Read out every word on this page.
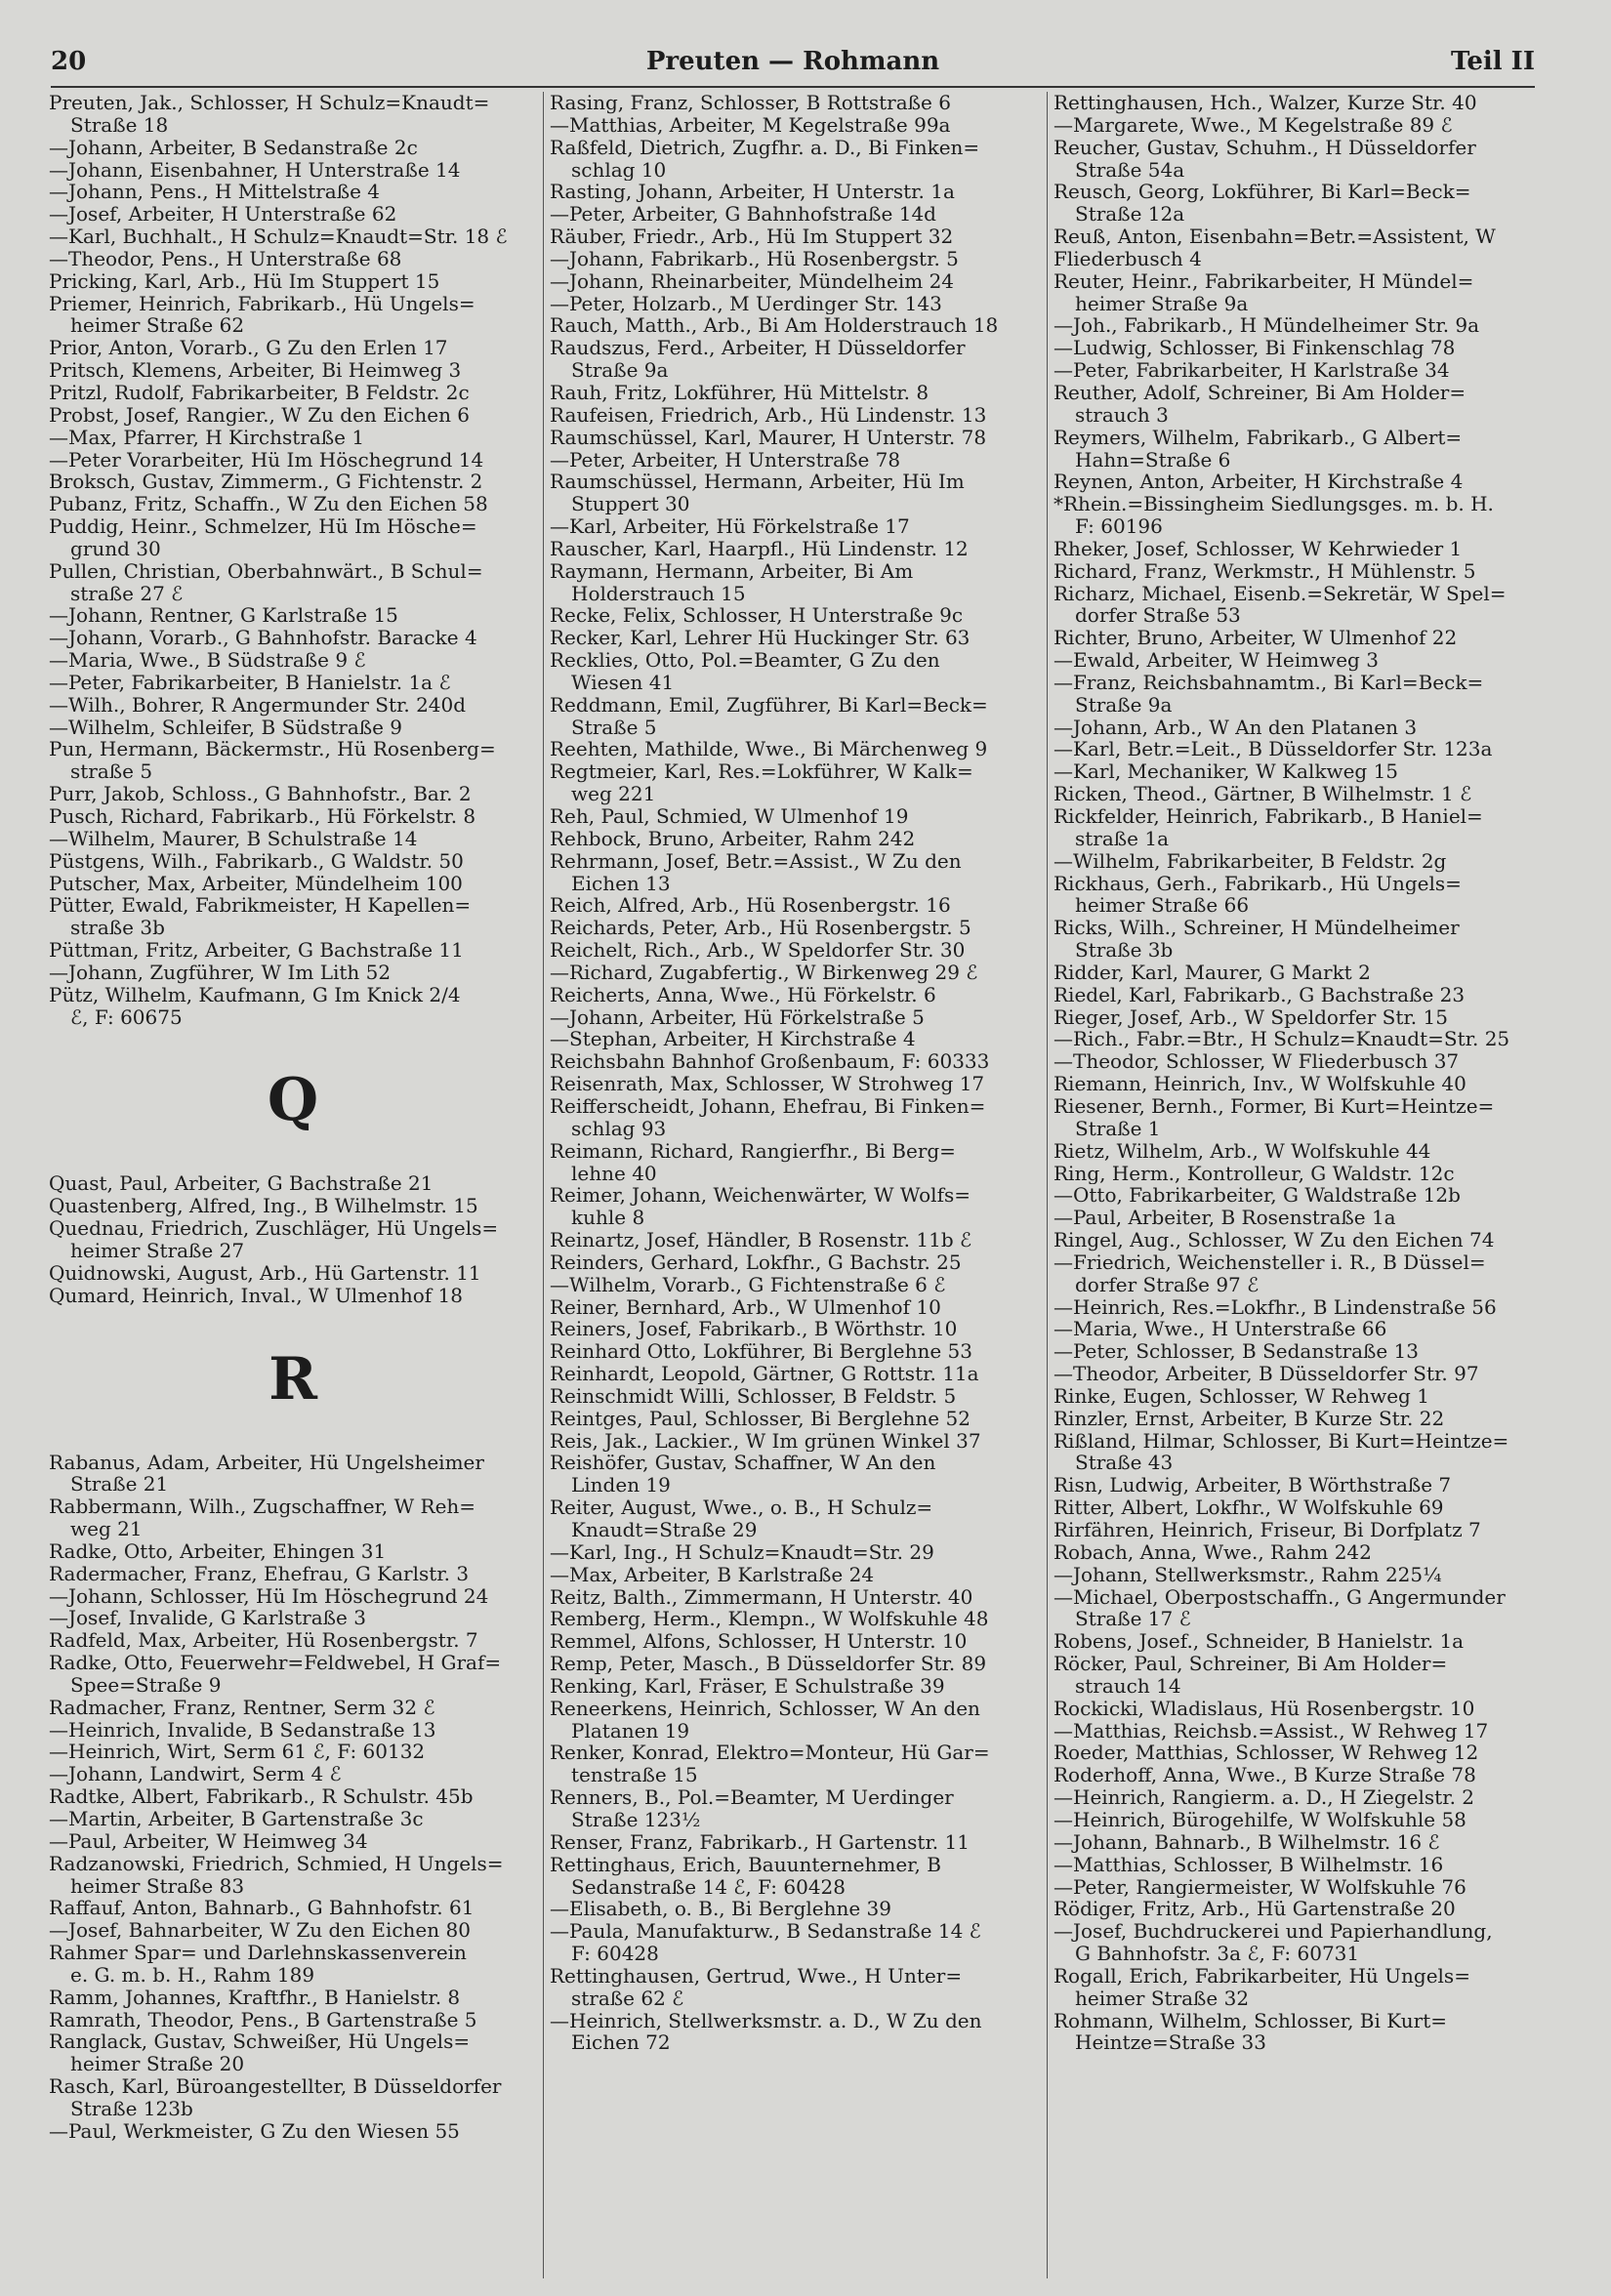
20	Preuten — Rohmann	Teil II

Preuten, Jak., Schlosser, H Schulz=Knaudt=

Straße 18

—Johann, Arbeiter, B Sedanstraße 2c

—Johann, Eisenbahner, H Unterstraße 14

—Johann, Pens., H Mittelstraße 4

—Josef, Arbeiter, H Unterstraße 62

—Karl, Buchhalt., H Schulz=Knaudt=Str. 18 ℰ

—Theodor, Pens., H Unterstraße 68

Pricking, Karl, Arb., Hü Im Stuppert 15

Priemer, Heinrich, Fabrikarb., Hü Ungels=

heimer Straße 62

Prior, Anton, Vorarb., G Zu den Erlen 17

Pritsch, Klemens, Arbeiter, Bi Heimweg 3

Pritzl, Rudolf, Fabrikarbeiter, B Feldstr. 2c

Probst, Josef, Rangier., W Zu den Eichen 6

—Max, Pfarrer, H Kirchstraße 1

—Peter Vorarbeiter, Hü Im Höschegrund 14

Broksch, Gustav, Zimmerm., G Fichtenstr. 2

Pubanz, Fritz, Schaffn., W Zu den Eichen 58

Puddig, Heinr., Schmelzer, Hü Im Hösche=

grund 30

Pullen, Christian, Oberbahnwärt., B Schul=

straße 27 ℰ

—Johann, Rentner, G Karlstraße 15

—Johann, Vorarb., G Bahnhofstr. Baracke 4

—Maria, Wwe., B Südstraße 9 ℰ

—Peter, Fabrikarbeiter, B Hanielstr. 1a ℰ

—Wilh., Bohrer, R Angermunder Str. 240d

—Wilhelm, Schleifer, B Südstraße 9

Pun, Hermann, Bäckermstr., Hü Rosenberg=

straße 5

Purr, Jakob, Schloss., G Bahnhofstr., Bar. 2

Pusch, Richard, Fabrikarb., Hü Förkelstr. 8

—Wilhelm, Maurer, B Schulstraße 14

Püstgens, Wilh., Fabrikarb., G Waldstr. 50

Putscher, Max, Arbeiter, Mündelheim 100

Pütter, Ewald, Fabrikmeister, H Kapellen=

straße 3b

Püttman, Fritz, Arbeiter, G Bachstraße 11

—Johann, Zugführer, W Im Lith 52

Pütz, Wilhelm, Kaufmann, G Im Knick 2/4

ℰ, F: 60675

Q

Quast, Paul, Arbeiter, G Bachstraße 21

Quastenberg, Alfred, Ing., B Wilhelmstr. 15

Quednau, Friedrich, Zuschläger, Hü Ungels=

heimer Straße 27

Quidnowski, August, Arb., Hü Gartenstr. 11

Qumard, Heinrich, Inval., W Ulmenhof 18

R

Rabanus, Adam, Arbeiter, Hü Ungelsheimer

Straße 21

Rabbermann, Wilh., Zugschaffner, W Reh=

weg 21

Radke, Otto, Arbeiter, Ehingen 31

Radermacher, Franz, Ehefrau, G Karlstr. 3

—Johann, Schlosser, Hü Im Höschegrund 24

—Josef, Invalide, G Karlstraße 3

Radfeld, Max, Arbeiter, Hü Rosenbergstr. 7

Radke, Otto, Feuerwehr=Feldwebel, H Graf=

Spee=Straße 9

Radmacher, Franz, Rentner, Serm 32 ℰ

—Heinrich, Invalide, B Sedanstraße 13

—Heinrich, Wirt, Serm 61 ℰ, F: 60132

—Johann, Landwirt, Serm 4 ℰ

Radtke, Albert, Fabrikarb., R Schulstr. 45b

—Martin, Arbeiter, B Gartenstraße 3c

—Paul, Arbeiter, W Heimweg 34

Radzanowski, Friedrich, Schmied, H Ungels=

heimer Straße 83

Raffauf, Anton, Bahnarb., G Bahnhofstr. 61

—Josef, Bahnarbeiter, W Zu den Eichen 80

Rahmer Spar= und Darlehnskassenverein

e. G. m. b. H., Rahm 189

Ramm, Johannes, Kraftfhr., B Hanielstr. 8

Ramrath, Theodor, Pens., B Gartenstraße 5

Ranglack, Gustav, Schweißer, Hü Ungels=

heimer Straße 20

Rasch, Karl, Büroangestellter, B Düsseldorfer

Straße 123b

—Paul, Werkmeister, G Zu den Wiesen 55

Rasing, Franz, Schlosser, B Rottstraße 6

—Matthias, Arbeiter, M Kegelstraße 99a

Raßfeld, Dietrich, Zugfhr. a. D., Bi Finken=

schlag 10

Rasting, Johann, Arbeiter, H Unterstr. 1a

—Peter, Arbeiter, G Bahnhofstraße 14d

Räuber, Friedr., Arb., Hü Im Stuppert 32

—Johann, Fabrikarb., Hü Rosenbergstr. 5

—Johann, Rheinarbeiter, Mündelheim 24

—Peter, Holzarb., M Uerdinger Str. 143

Rauch, Matth., Arb., Bi Am Holderstrauch 18

Raudszus, Ferd., Arbeiter, H Düsseldorfer

Straße 9a

Rauh, Fritz, Lokführer, Hü Mittelstr. 8

Raufeisen, Friedrich, Arb., Hü Lindenstr. 13

Raumschüssel, Karl, Maurer, H Unterstr. 78

—Peter, Arbeiter, H Unterstraße 78

Raumschüssel, Hermann, Arbeiter, Hü Im

Stuppert 30

—Karl, Arbeiter, Hü Förkelstraße 17

Rauscher, Karl, Haarpfl., Hü Lindenstr. 12

Raymann, Hermann, Arbeiter, Bi Am

Holderstrauch 15

Recke, Felix, Schlosser, H Unterstraße 9c

Recker, Karl, Lehrer Hü Huckinger Str. 63

Recklies, Otto, Pol.=Beamter, G Zu den

Wiesen 41

Reddmann, Emil, Zugführer, Bi Karl=Beck=

Straße 5

Reehten, Mathilde, Wwe., Bi Märchenweg 9

Regtmeier, Karl, Res.=Lokführer, W Kalk=

weg 221

Reh, Paul, Schmied, W Ulmenhof 19

Rehbock, Bruno, Arbeiter, Rahm 242

Rehrmann, Josef, Betr.=Assist., W Zu den

Eichen 13

Reich, Alfred, Arb., Hü Rosenbergstr. 16

Reichards, Peter, Arb., Hü Rosenbergstr. 5

Reichelt, Rich., Arb., W Speldorfer Str. 30

—Richard, Zugabfertig., W Birkenweg 29 ℰ

Reicherts, Anna, Wwe., Hü Förkelstr. 6

—Johann, Arbeiter, Hü Förkelstraße 5

—Stephan, Arbeiter, H Kirchstraße 4

Reichsbahn Bahnhof Großenbaum, F: 60333

Reisenrath, Max, Schlosser, W Strohweg 17

Reifferscheidt, Johann, Ehefrau, Bi Finken=

schlag 93

Reimann, Richard, Rangierfhr., Bi Berg=

lehne 40

Reimer, Johann, Weichenwärter, W Wolfs=

kuhle 8

Reinartz, Josef, Händler, B Rosenstr. 11b ℰ

Reinders, Gerhard, Lokfhr., G Bachstr. 25

—Wilhelm, Vorarb., G Fichtenstraße 6 ℰ

Reiner, Bernhard, Arb., W Ulmenhof 10

Reiners, Josef, Fabrikarb., B Wörthstr. 10

Reinhard Otto, Lokführer, Bi Berglehne 53

Reinhardt, Leopold, Gärtner, G Rottstr. 11a

Reinschmidt Willi, Schlosser, B Feldstr. 5

Reintges, Paul, Schlosser, Bi Berglehne 52

Reis, Jak., Lackier., W Im grünen Winkel 37

Reishöfer, Gustav, Schaffner, W An den

Linden 19

Reiter, August, Wwe., o. B., H Schulz=

Knaudt=Straße 29

—Karl, Ing., H Schulz=Knaudt=Str. 29

—Max, Arbeiter, B Karlstraße 24

Reitz, Balth., Zimmermann, H Unterstr. 40

Remberg, Herm., Klempn., W Wolfskuhle 48

Remmel, Alfons, Schlosser, H Unterstr. 10

Remp, Peter, Masch., B Düsseldorfer Str. 89

Renking, Karl, Fräser, E Schulstraße 39

Reneerkens, Heinrich, Schlosser, W An den

Platanen 19

Renker, Konrad, Elektro=Monteur, Hü Gar=

tenstraße 15

Renners, B., Pol.=Beamter, M Uerdinger

Straße 123½

Renser, Franz, Fabrikarb., H Gartenstr. 11

Rettinghaus, Erich, Bauunternehmer, B

Sedanstraße 14 ℰ, F: 60428

—Elisabeth, o. B., Bi Berglehne 39

—Paula, Manufakturw., B Sedanstraße 14 ℰ

F: 60428

Rettinghausen, Gertrud, Wwe., H Unter=

straße 62 ℰ

—Heinrich, Stellwerksmstr. a. D., W Zu den

Eichen 72

Rettinghausen, Hch., Walzer, Kurze Str. 40

—Margarete, Wwe., M Kegelstraße 89 ℰ

Reucher, Gustav, Schuhm., H Düsseldorfer

Straße 54a

Reusch, Georg, Lokführer, Bi Karl=Beck=

Straße 12a

Reuß, Anton, Eisenbahn=Betr.=Assistent, W

Fliederbusch 4

Reuter, Heinr., Fabrikarbeiter, H Mündel=

heimer Straße 9a

—Joh., Fabrikarb., H Mündelheimer Str. 9a

—Ludwig, Schlosser, Bi Finkenschlag 78

—Peter, Fabrikarbeiter, H Karlstraße 34

Reuther, Adolf, Schreiner, Bi Am Holder=

strauch 3

Reymers, Wilhelm, Fabrikarb., G Albert=

Hahn=Straße 6

Reynen, Anton, Arbeiter, H Kirchstraße 4

*Rhein.=Bissingheim Siedlungsges. m. b. H.

F: 60196

Rheker, Josef, Schlosser, W Kehrwieder 1

Richard, Franz, Werkmstr., H Mühlenstr. 5

Richarz, Michael, Eisenb.=Sekretär, W Spel=

dorfer Straße 53

Richter, Bruno, Arbeiter, W Ulmenhof 22

—Ewald, Arbeiter, W Heimweg 3

—Franz, Reichsbahnamtm., Bi Karl=Beck=

Straße 9a

—Johann, Arb., W An den Platanen 3

—Karl, Betr.=Leit., B Düsseldorfer Str. 123a

—Karl, Mechaniker, W Kalkweg 15

Ricken, Theod., Gärtner, B Wilhelmstr. 1 ℰ

Rickfelder, Heinrich, Fabrikarb., B Haniel=

straße 1a

—Wilhelm, Fabrikarbeiter, B Feldstr. 2g

Rickhaus, Gerh., Fabrikarb., Hü Ungels=

heimer Straße 66

Ricks, Wilh., Schreiner, H Mündelheimer

Straße 3b

Ridder, Karl, Maurer, G Markt 2

Riedel, Karl, Fabrikarb., G Bachstraße 23

Rieger, Josef, Arb., W Speldorfer Str. 15

—Rich., Fabr.=Btr., H Schulz=Knaudt=Str. 25

—Theodor, Schlosser, W Fliederbusch 37

Riemann, Heinrich, Inv., W Wolfskuhle 40

Riesener, Bernh., Former, Bi Kurt=Heintze=

Straße 1

Rietz, Wilhelm, Arb., W Wolfskuhle 44

Ring, Herm., Kontrolleur, G Waldstr. 12c

—Otto, Fabrikarbeiter, G Waldstraße 12b

—Paul, Arbeiter, B Rosenstraße 1a

Ringel, Aug., Schlosser, W Zu den Eichen 74

—Friedrich, Weichensteller i. R., B Düssel=

dorfer Straße 97 ℰ

—Heinrich, Res.=Lokfhr., B Lindenstraße 56

—Maria, Wwe., H Unterstraße 66

—Peter, Schlosser, B Sedanstraße 13

—Theodor, Arbeiter, B Düsseldorfer Str. 97

Rinke, Eugen, Schlosser, W Rehweg 1

Rinzler, Ernst, Arbeiter, B Kurze Str. 22

Rißland, Hilmar, Schlosser, Bi Kurt=Heintze=

Straße 43

Risn, Ludwig, Arbeiter, B Wörthstraße 7

Ritter, Albert, Lokfhr., W Wolfskuhle 69

Rirfähren, Heinrich, Friseur, Bi Dorfplatz 7

Robach, Anna, Wwe., Rahm 242

—Johann, Stellwerksmstr., Rahm 225¼

—Michael, Oberpostschaffn., G Angermunder

Straße 17 ℰ

Robens, Josef., Schneider, B Hanielstr. 1a

Röcker, Paul, Schreiner, Bi Am Holder=

strauch 14

Rockicki, Wladislaus, Hü Rosenbergstr. 10

—Matthias, Reichsb.=Assist., W Rehweg 17

Roeder, Matthias, Schlosser, W Rehweg 12

Roderhoff, Anna, Wwe., B Kurze Straße 78

—Heinrich, Rangierm. a. D., H Ziegelstr. 2

—Heinrich, Bürogehilfe, W Wolfskuhle 58

—Johann, Bahnarb., B Wilhelmstr. 16 ℰ

—Matthias, Schlosser, B Wilhelmstr. 16

—Peter, Rangiermeister, W Wolfskuhle 76

Rödiger, Fritz, Arb., Hü Gartenstraße 20

—Josef, Buchdruckerei und Papierhandlung,

G Bahnhofstr. 3a ℰ, F: 60731

Rogall, Erich, Fabrikarbeiter, Hü Ungels=

heimer Straße 32

Rohmann, Wilhelm, Schlosser, Bi Kurt=

Heintze=Straße 33
